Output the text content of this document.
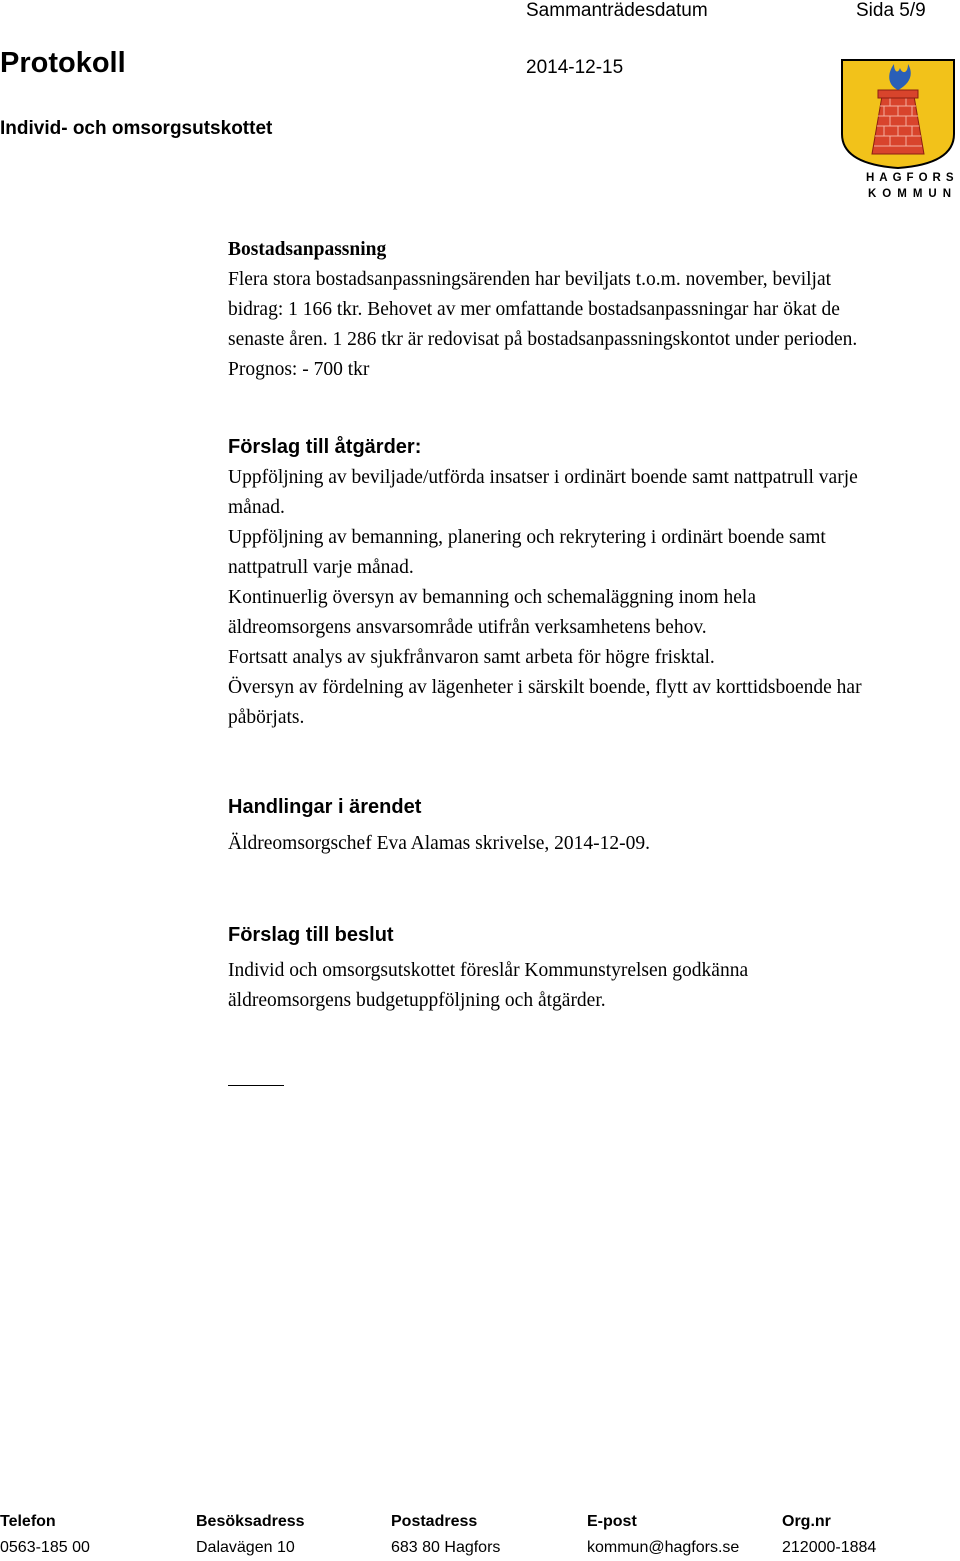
Sammanträdesdatum	Sida 5/9
Protokoll	2014-12-15
Individ- och omsorgsutskottet
HAGFORS
KOMMUN
Bostadsanpassning
Flera stora bostadsanpassningsärenden har beviljats t.o.m. november, beviljat
bidrag: 1 166 tkr. Behovet av mer omfattande bostadsanpassningar har ökat de
senaste åren. 1 286 tkr är redovisat på bostadsanpassningskontot under perioden.
Prognos: - 700 tkr
Förslag till åtgärder:
Uppföljning av beviljade/utförda insatser i ordinärt boende samt nattpatrull varje
månad.
Uppföljning av bemanning, planering och rekrytering i ordinärt boende samt
nattpatrull varje månad.
Kontinuerlig översyn av bemanning och schemaläggning inom hela
äldreomsorgens ansvarsområde utifrån verksamhetens behov.
Fortsatt analys av sjukfrånvaron samt arbeta för högre frisktal.
Översyn av fördelning av lägenheter i särskilt boende, flytt av korttidsboende har
påbörjats.
Handlingar i ärendet
Äldreomsorgschef Eva Alamas skrivelse, 2014-12-09.
Förslag till beslut
Individ och omsorgsutskottet föreslår Kommunstyrelsen godkänna
äldreomsorgens budgetuppföljning och åtgärder.
Telefon
0563-185 00
Besöksadress
Dalavägen 10
Postadress
683 80 Hagfors
E-post
kommun@hagfors.se
Org.nr
212000-1884
